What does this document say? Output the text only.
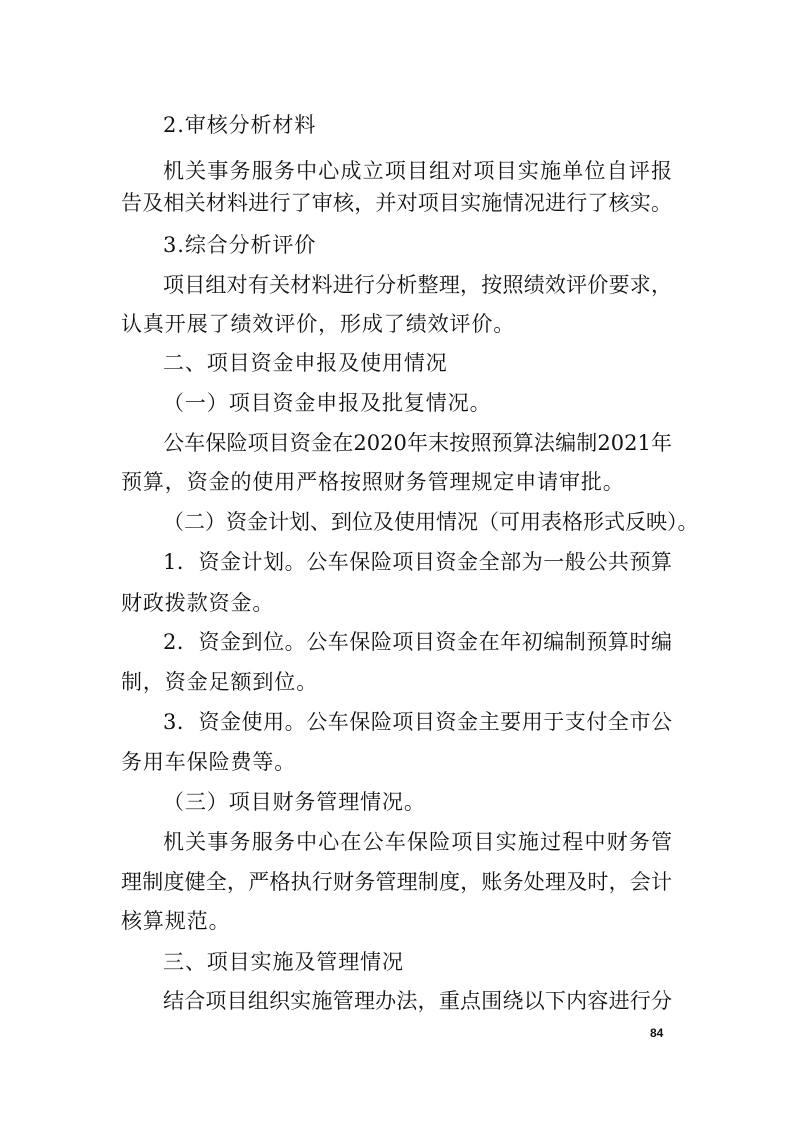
2.审核分析材料
机关事务服务中心成立项目组对项目实施单位自评报
告及相关材料进行了审核，并对项目实施情况进行了核实。
3.综合分析评价
项目组对有关材料进行分析整理，按照绩效评价要求，
认真开展了绩效评价，形成了绩效评价。
二、项目资金申报及使用情况
（一）项目资金申报及批复情况。
公车保险项目资金在2020年末按照预算法编制2021年
预算，资金的使用严格按照财务管理规定申请审批。
（二）资金计划、到位及使用情况（可用表格形式反映）。
1．资金计划。公车保险项目资金全部为一般公共预算
财政拨款资金。
2．资金到位。公车保险项目资金在年初编制预算时编
制，资金足额到位。
3．资金使用。公车保险项目资金主要用于支付全市公
务用车保险费等。
（三）项目财务管理情况。
机关事务服务中心在公车保险项目实施过程中财务管
理制度健全，严格执行财务管理制度，账务处理及时，会计
核算规范。
三、项目实施及管理情况
结合项目组织实施管理办法，重点围绕以下内容进行分
84
